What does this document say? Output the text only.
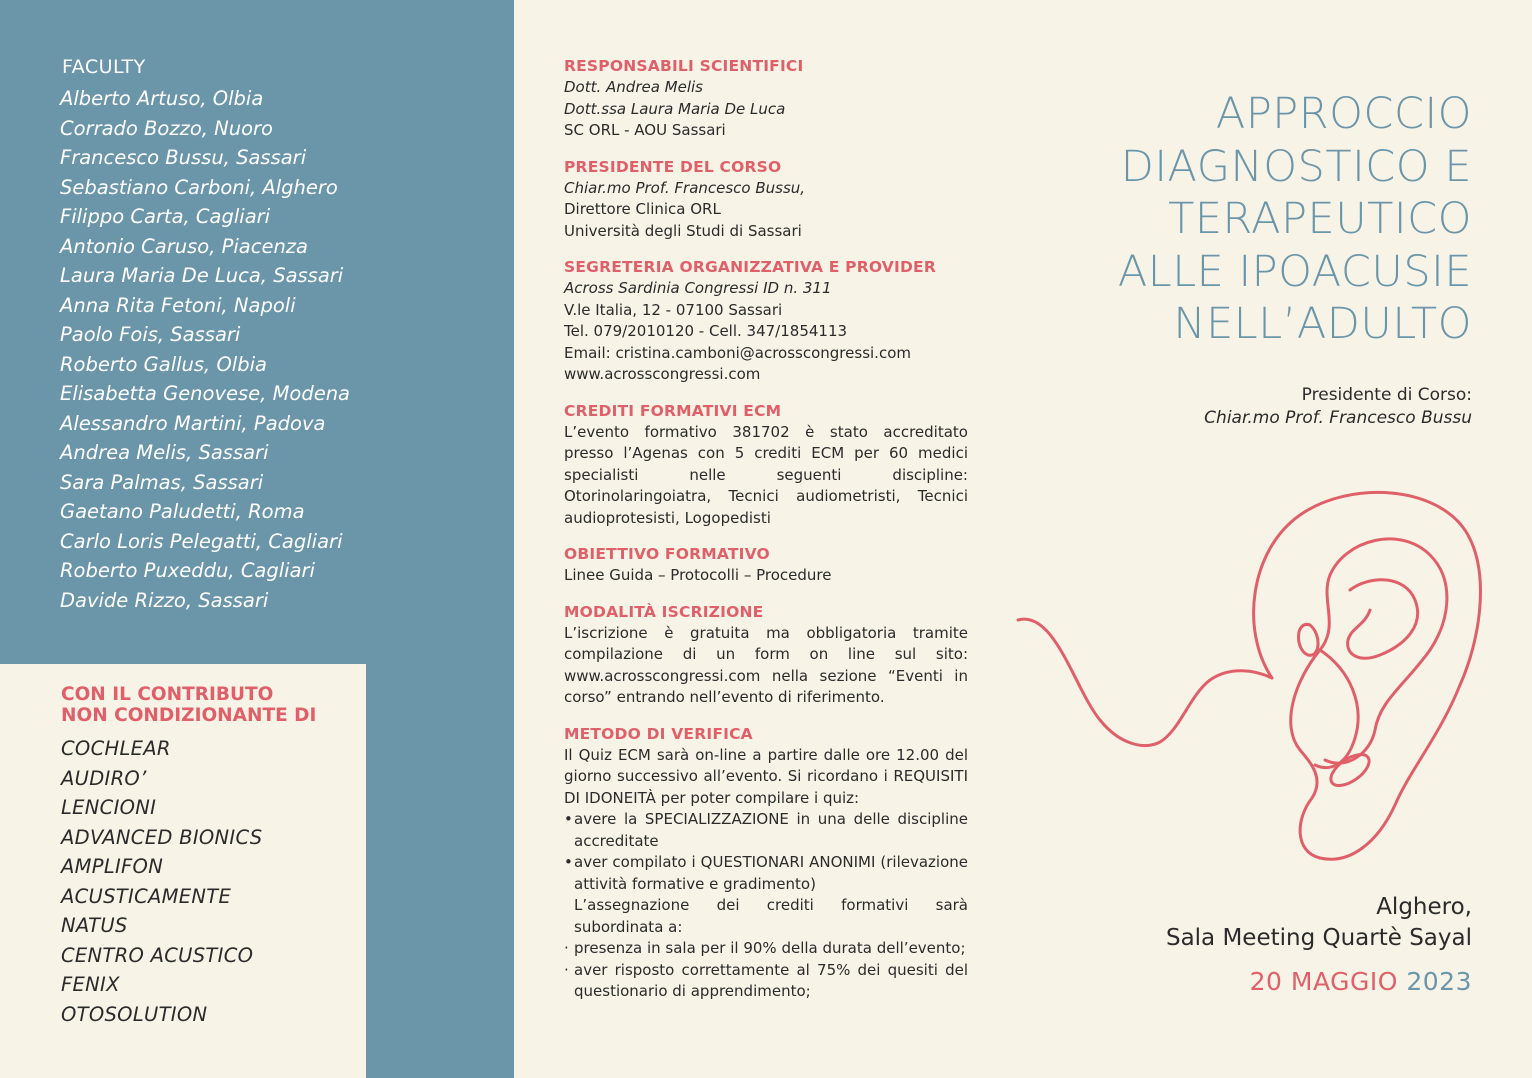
FACULTY
Alberto Artuso, Olbia
Corrado Bozzo, Nuoro
Francesco Bussu, Sassari
Sebastiano Carboni, Alghero
Filippo Carta, Cagliari
Antonio Caruso, Piacenza
Laura Maria De Luca, Sassari
Anna Rita Fetoni, Napoli
Paolo Fois, Sassari
Roberto Gallus, Olbia
Elisabetta Genovese, Modena
Alessandro Martini, Padova
Andrea Melis, Sassari
Sara Palmas, Sassari
Gaetano Paludetti, Roma
Carlo Loris Pelegatti, Cagliari
Roberto Puxeddu, Cagliari
Davide Rizzo, Sassari
CON IL CONTRIBUTO
NON CONDIZIONANTE DI
COCHLEAR
AUDIRO’
LENCIONI
ADVANCED BIONICS
AMPLIFON
ACUSTICAMENTE
NATUS
CENTRO ACUSTICO
FENIX
OTOSOLUTION
RESPONSABILI SCIENTIFICI
Dott. Andrea Melis
Dott.ssa Laura Maria De Luca
SC ORL - AOU Sassari
PRESIDENTE DEL CORSO
Chiar.mo Prof. Francesco Bussu,
Direttore Clinica ORL
Università degli Studi di Sassari
SEGRETERIA ORGANIZZATIVA E PROVIDER
Across Sardinia Congressi ID n. 311
V.le Italia, 12 - 07100 Sassari
Tel. 079/2010120 - Cell. 347/1854113
Email: cristina.camboni@acrosscongressi.com
www.acrosscongressi.com
CREDITI FORMATIVI ECM
L’evento formativo 381702 è stato accreditato presso l’Agenas con 5 crediti ECM per 60 medici specialisti nelle seguenti discipline: Otorinolaringoiatra, Tecnici audiometristi, Tecnici audioprotesisti, Logopedisti
OBIETTIVO FORMATIVO
Linee Guida – Protocolli – Procedure
MODALITÀ ISCRIZIONE
L’iscrizione è gratuita ma obbligatoria tramite compilazione di un form on line sul sito: www.acrosscongressi.com nella sezione “Eventi in corso” entrando nell’evento di riferimento.
METODO DI VERIFICA
Il Quiz ECM sarà on-line a partire dalle ore 12.00 del giorno successivo all’evento. Si ricordano i REQUISITI DI IDONEITÀ per poter compilare i quiz:
• avere la SPECIALIZZAZIONE in una delle discipline accreditate
• aver compilato i QUESTIONARI ANONIMI (rilevazione attività formative e gradimento)
L’assegnazione dei crediti formativi sarà subordinata a:
· presenza in sala per il 90% della durata dell’evento;
· aver risposto correttamente al 75% dei quesiti del questionario di apprendimento;
APPROCCIO
DIAGNOSTICO E
TERAPEUTICO
ALLE IPOACUSIE
NELL’ADULTO
Presidente di Corso:
Chiar.mo Prof. Francesco Bussu
Alghero,
Sala Meeting Quartè Sayal
20 MAGGIO 2023
